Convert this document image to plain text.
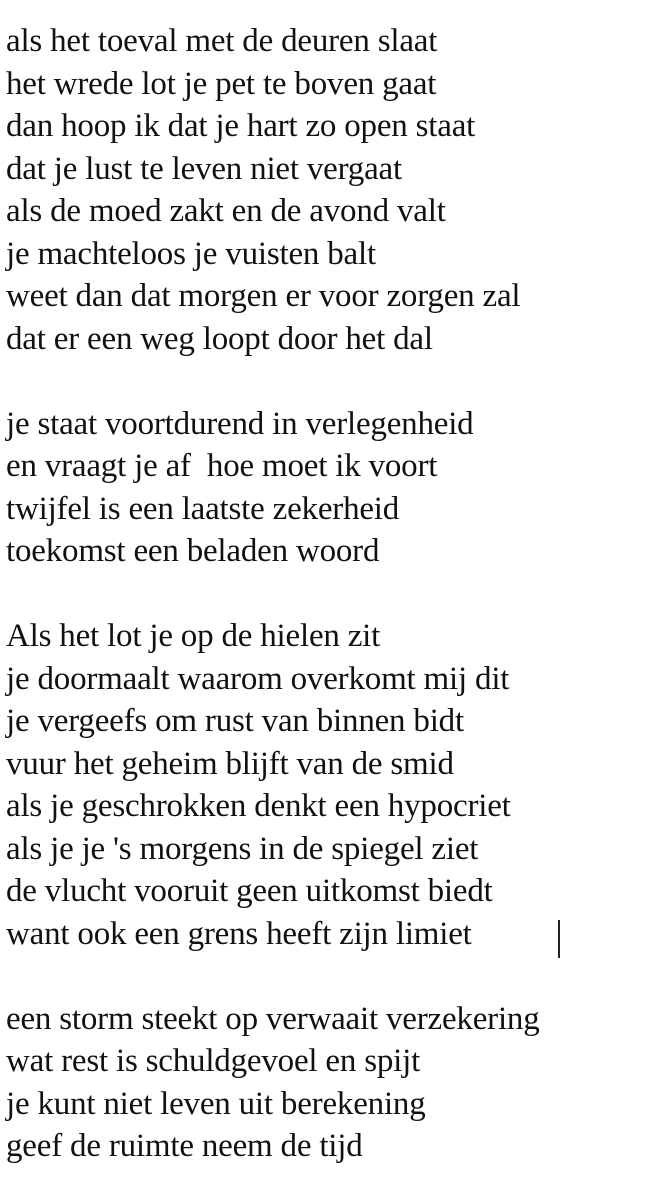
als het toeval met de deuren slaat
het wrede lot je pet te boven gaat
dan hoop ik dat je hart zo open staat
dat je lust te leven niet vergaat
als de moed zakt en de avond valt
je machteloos je vuisten balt
weet dan dat morgen er voor zorgen zal
dat er een weg loopt door het dal
je staat voortdurend in verlegenheid
en vraagt je af  hoe moet ik voort
twijfel is een laatste zekerheid
toekomst een beladen woord
Als het lot je op de hielen zit
je doormaalt waarom overkomt mij dit
je vergeefs om rust van binnen bidt
vuur het geheim blijft van de smid
als je geschrokken denkt een hypocriet
als je je 's morgens in de spiegel ziet
de vlucht vooruit geen uitkomst biedt
want ook een grens heeft zijn limiet
een storm steekt op verwaait verzekering
wat rest is schuldgevoel en spijt
je kunt niet leven uit berekening
geef de ruimte neem de tijd
